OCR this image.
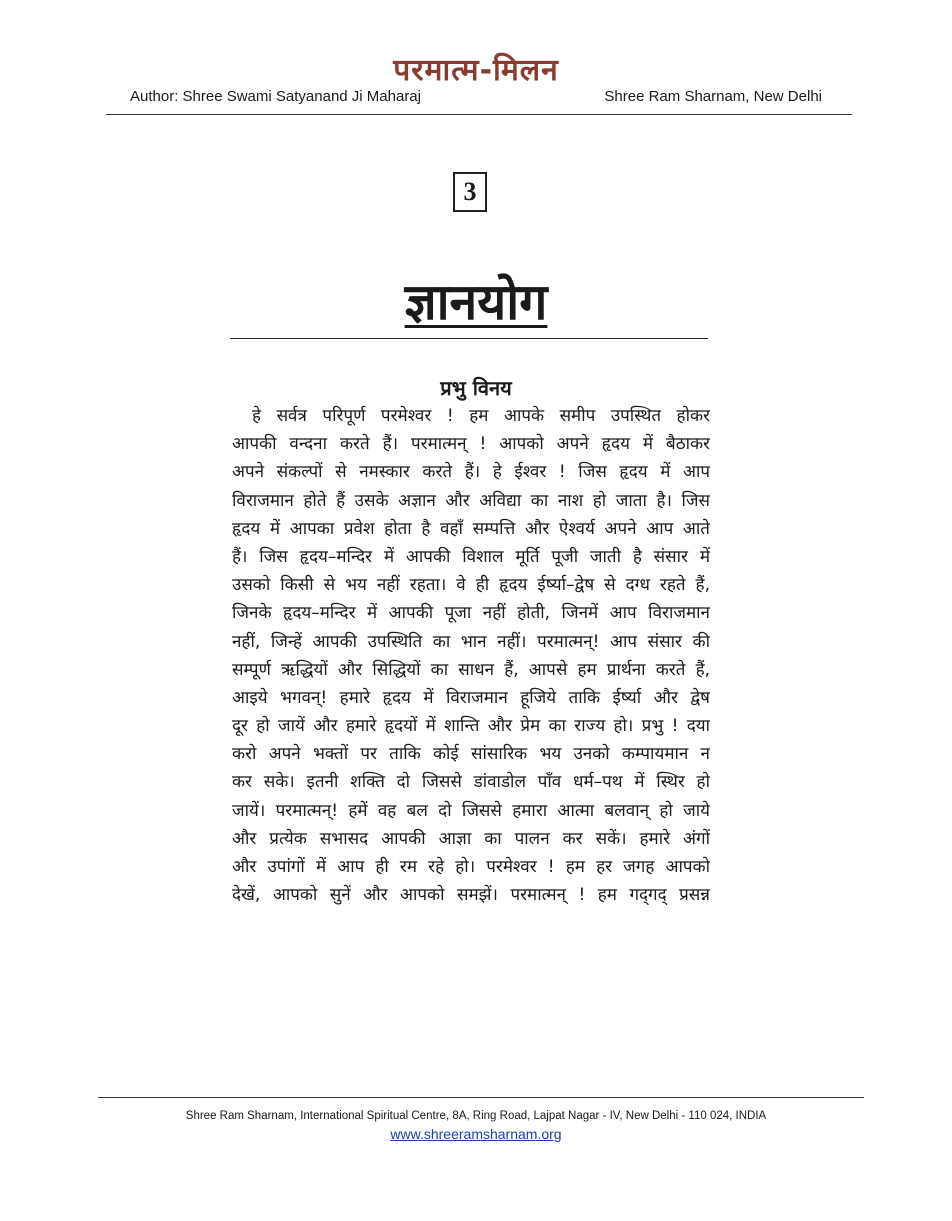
परमात्म-मिलन
Author: Shree Swami Satyanand Ji Maharaj	Shree Ram Sharnam, New Delhi
3
ज्ञानयोग
प्रभु विनय
हे सर्वत्र परिपूर्ण परमेश्वर ! हम आपके समीप उपस्थित होकर
आपकी वन्दना करते हैं। परमात्मन् ! आपको अपने हृदय में बैठाकर
अपने संकल्पों से नमस्कार करते हैं। हे ईश्वर ! जिस हृदय में आप
विराजमान होते हैं उसके अज्ञान और अविद्या का नाश हो जाता है। जिस
हृदय में आपका प्रवेश होता है वहाँ सम्पत्ति और ऐश्वर्य अपने आप आते
हैं। जिस हृदय–मन्दिर में आपकी विशाल मूर्ति पूजी जाती है संसार में
उसको किसी से भय नहीं रहता। वे ही हृदय ईर्ष्या–द्वेष से दग्ध रहते हैं,
जिनके हृदय–मन्दिर में आपकी पूजा नहीं होती, जिनमें आप विराजमान
नहीं, जिन्हें आपकी उपस्थिति का भान नहीं। परमात्मन्! आप संसार की
सम्पूर्ण ऋद्धियों और सिद्धियों का साधन हैं, आपसे हम प्रार्थना करते हैं,
आइये भगवन्! हमारे हृदय में विराजमान हूजिये ताकि ईर्ष्या और द्वेष
दूर हो जायें और हमारे हृदयों में शान्ति और प्रेम का राज्य हो। प्रभु ! दया
करो अपने भक्तों पर ताकि कोई सांसारिक भय उनको कम्पायमान न
कर सके। इतनी शक्ति दो जिससे डांवाडोल पाँव धर्म–पथ में स्थिर हो
जायें। परमात्मन्! हमें वह बल दो जिससे हमारा आत्मा बलवान् हो जाये
और प्रत्येक सभासद आपकी आज्ञा का पालन कर सकें। हमारे अंगों
और उपांगों में आप ही रम रहे हो। परमेश्वर ! हम हर जगह आपको
देखें, आपको सुनें और आपको समझें। परमात्मन् ! हम गद्‌गद् प्रसन्न
Shree Ram Sharnam, International Spiritual Centre, 8A, Ring Road, Lajpat Nagar - IV, New Delhi - 110 024, INDIA
www.shreeramsharnam.org
